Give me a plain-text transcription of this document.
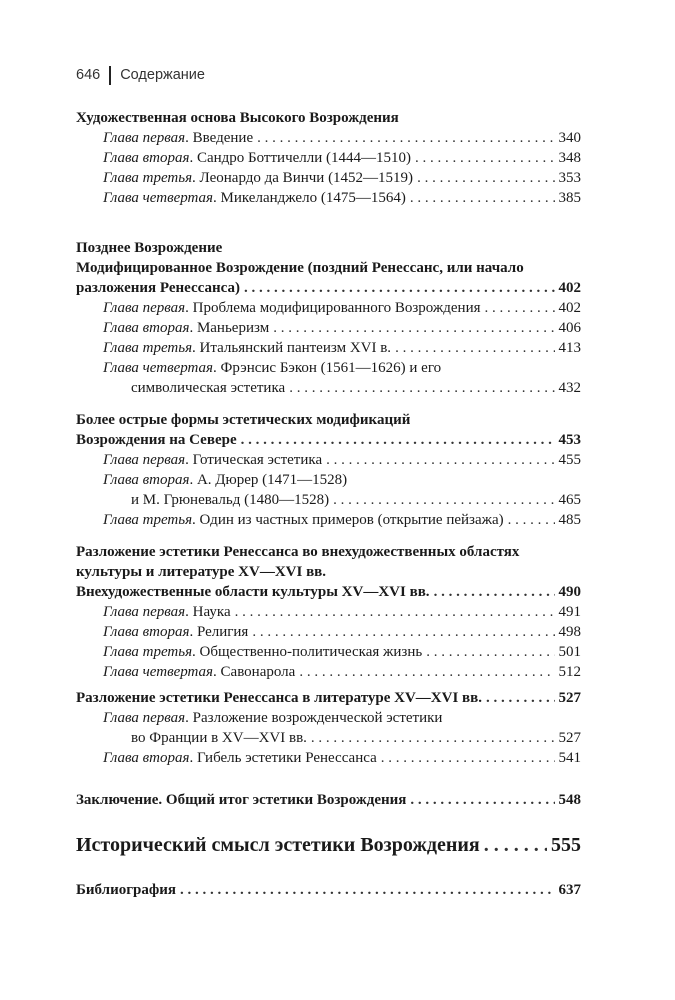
646 Содержание
Художественная основа Высокого Возрождения
Глава первая. Введение . . .	340
Глава вторая. Сандро Боттичелли (1444—1510) . . .	348
Глава третья. Леонардо да Винчи (1452—1519) . . .	353
Глава четвертая. Микеланджело (1475—1564) . . .	385
Позднее Возрождение
Модифицированное Возрождение (поздний Ренессанс, или начало
разложения Ренессанса) . . .	402
Глава первая. Проблема модифицированного Возрождения . . .	402
Глава вторая. Маньеризм . . .	406
Глава третья. Итальянский пантеизм XVI в. . . .	413
Глава четвертая. Фрэнсис Бэкон (1561—1626) и его
символическая эстетика . . .	432
Более острые формы эстетических модификаций
Возрождения на Севере . . .	453
Глава первая. Готическая эстетика . . .	455
Глава вторая. А. Дюрер (1471—1528)
и М. Грюневальд (1480—1528) . . .	465
Глава третья. Один из частных примеров (открытие пейзажа) . . .	485
Разложение эстетики Ренессанса во внехудожественных областях
культуры и литературе XV—XVI вв.
Внехудожественные области культуры XV—XVI вв. . . .	490
Глава первая. Наука . . .	491
Глава вторая. Религия . . .	498
Глава третья. Общественно-политическая жизнь . . .	501
Глава четвертая. Савонарола . . .	512
Разложение эстетики Ренессанса в литературе XV—XVI вв. . . .	527
Глава первая. Разложение возрожденческой эстетики
во Франции в XV—XVI вв. . . .	527
Глава вторая. Гибель эстетики Ренессанса . . .	541
Заключение. Общий итог эстетики Возрождения . . .	548
Исторический смысл эстетики Возрождения . . .	555
Библиография . . .	637
